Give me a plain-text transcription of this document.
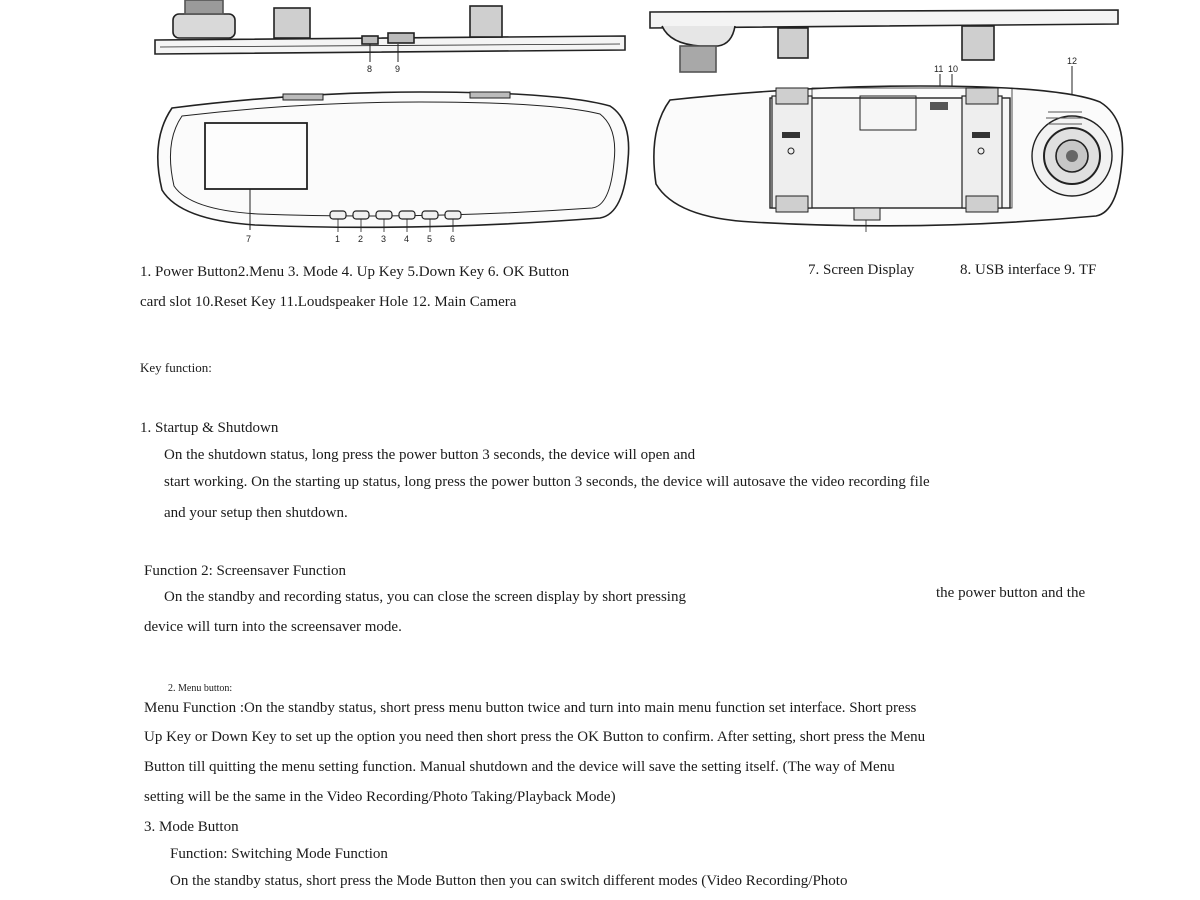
8	9	11 10
12
7	1 2 3 4 5 6
1. Power Button2.Menu 3. Mode 4. Up Key 5.Down Key 6. OK Button	7. Screen Display	8. USB interface 9. TF
card slot 10.Reset Key 11.Loudspeaker Hole 12. Main Camera
Key function:
1. Startup & Shutdown
On the shutdown status, long press the power button 3 seconds, the device will open and
start working. On the starting up status, long press the power button 3 seconds, the device will autosave the video recording file
and your setup then shutdown.
Function 2: Screensaver Function
On the standby and recording status, you can close the screen display by short pressing	the power button and the
device will turn into the screensaver mode.
2. Menu button:
Menu Function :On the standby status, short press menu button twice and turn into main menu function set interface. Short press
Up Key or Down Key to set up the option you need then short press the OK Button to confirm. After setting, short press the Menu
Button till quitting the menu setting function. Manual shutdown and the device will save the setting itself. (The way of Menu
setting will be the same in the Video Recording/Photo Taking/Playback Mode)
3. Mode Button
Function: Switching Mode Function
On the standby status, short press the Mode Button then you can switch different modes (Video Recording/Photo
